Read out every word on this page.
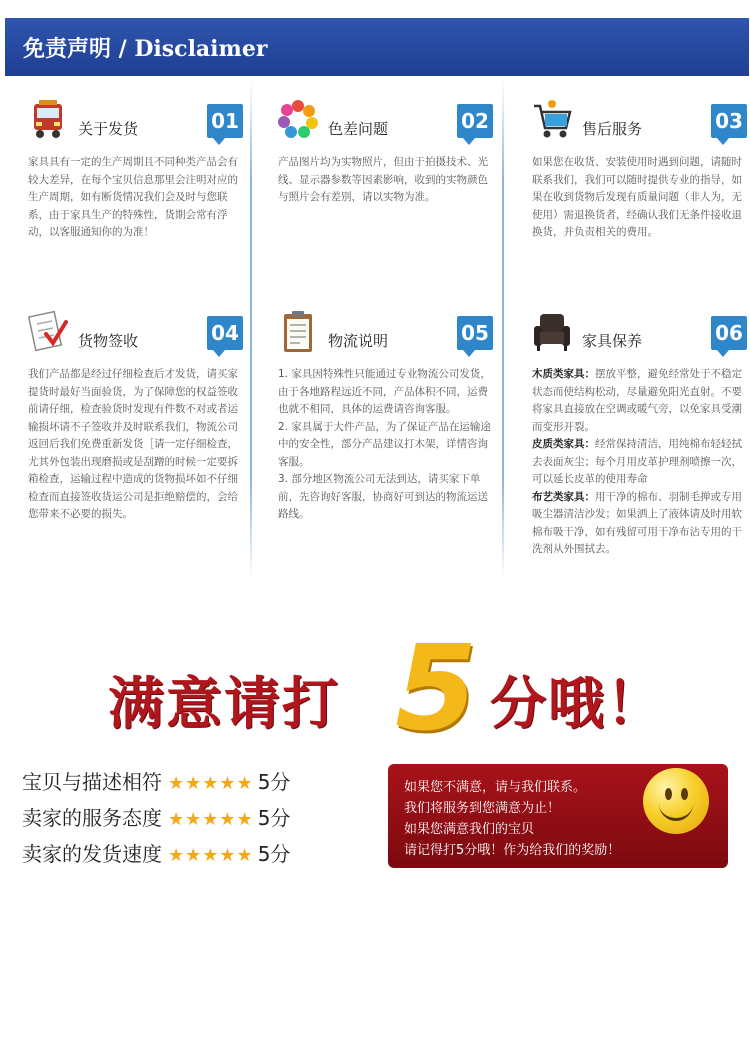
免责声明 / Disclaimer
关于发货	01
家具具有一定的生产周期且不同种类产品会有较大差异，在每个宝贝信息那里会注明对应的生产周期，如有断货情况我们会及时与您联系，由于家具生产的特殊性，货期会常有浮动，以客服通知你的为准！
色差问题	02
产品图片均为实物照片，但由于拍摄技术、光线、显示器参数等因素影响，收到的实物颜色与照片会有差别，请以实物为准。
售后服务	03
如果您在收货、安装使用时遇到问题，请随时联系我们，我们可以随时提供专业的指导，如果在收到货物后发现有质量问题（非人为，无使用）需退换货者，经确认我们无条件接收退换货，并负责相关的费用。
货物签收	04
我们产品都是经过仔细检查后才发货，请买家提货时最好当面验货，为了保障您的权益签收前请仔细，检查验货时发现有件数不对或者运输损坏请不子签收并及时联系我们，物流公司返回后我们免费重新发货［请一定仔细检查，尤其外包装出现磨损或是刮蹭的时候一定要拆箱检查，运输过程中造成的货物损坏如不仔细检查而直接签收货运公司是拒绝赔偿的，会给您带来不必要的损失。
物流说明	05
1. 家具因特殊性只能通过专业物流公司发货，由于各地路程远近不同，产品体积不同，运费也就不相同，具体的运费请咨询客服。
2. 家具属于大件产品，为了保证产品在运输途中的安全性，部分产品建议打木架，详情咨询客服。
3. 部分地区物流公司无法到达，请买家下单前，先咨询好客服，协商好可到达的物流运送路线。
家具保养	06
木质类家具：摆放平整，避免经常处于不稳定状态而使结构松动，尽量避免阳光直射。不要将家具直接放在空调或暖气旁，以免家具受潮而变形开裂。
皮质类家具：经常保持清洁，用纯棉布轻轻拭去表面灰尘；每个月用皮革护理剂喷擦一次，可以延长皮革的使用寿命
布艺类家具：用干净的棉布、羽制毛掸或专用吸尘器清洁沙发；如果洒上了液体请及时用软棉布吸干净，如有残留可用干净布沾专用的干洗剂从外围拭去。
满意请打 5 分哦！
宝贝与描述相符 ★★★★★ 5分
卖家的服务态度 ★★★★★ 5分
卖家的发货速度 ★★★★★ 5分
如果您不满意，请与我们联系。
我们将服务到您满意为止！
如果您满意我们的宝贝
请记得打5分哦！作为给我们的奖励！
